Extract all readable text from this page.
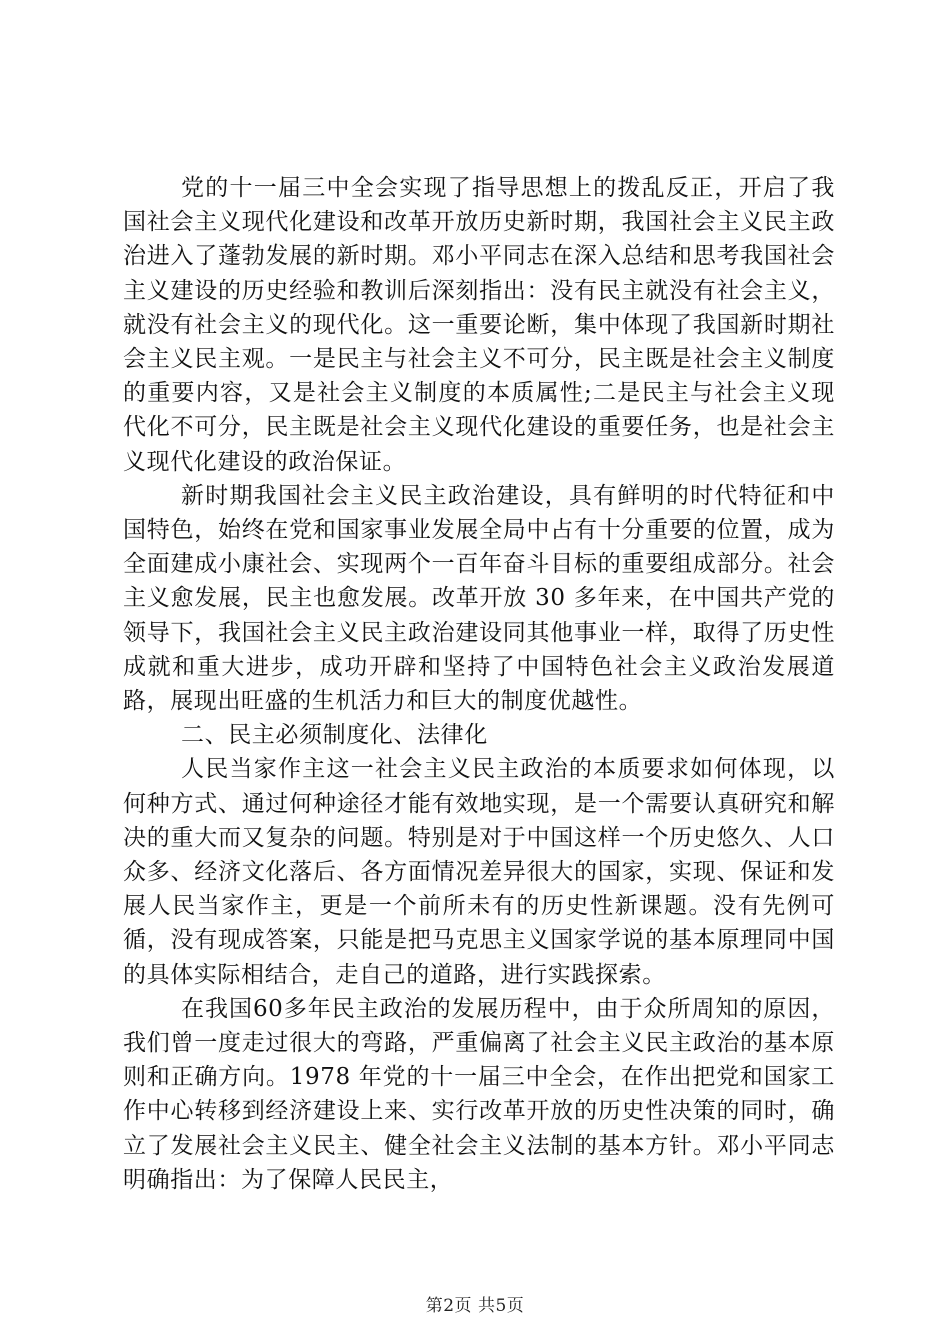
党的十一届三中全会实现了指导思想上的拨乱反正，开启了我国社会主义现代化建设和改革开放历史新时期，我国社会主义民主政治进入了蓬勃发展的新时期。邓小平同志在深入总结和思考我国社会主义建设的历史经验和教训后深刻指出：没有民主就没有社会主义，就没有社会主义的现代化。这一重要论断，集中体现了我国新时期社会主义民主观。一是民主与社会主义不可分，民主既是社会主义制度的重要内容，又是社会主义制度的本质属性;二是民主与社会主义现代化不可分，民主既是社会主义现代化建设的重要任务，也是社会主义现代化建设的政治保证。

新时期我国社会主义民主政治建设，具有鲜明的时代特征和中国特色，始终在党和国家事业发展全局中占有十分重要的位置，成为全面建成小康社会、实现两个一百年奋斗目标的重要组成部分。社会主义愈发展，民主也愈发展。改革开放 30 多年来，在中国共产党的领导下，我国社会主义民主政治建设同其他事业一样，取得了历史性成就和重大进步，成功开辟和坚持了中国特色社会主义政治发展道路，展现出旺盛的生机活力和巨大的制度优越性。

二、民主必须制度化、法律化

人民当家作主这一社会主义民主政治的本质要求如何体现，以何种方式、通过何种途径才能有效地实现，是一个需要认真研究和解决的重大而又复杂的问题。特别是对于中国这样一个历史悠久、人口众多、经济文化落后、各方面情况差异很大的国家，实现、保证和发展人民当家作主，更是一个前所未有的历史性新课题。没有先例可循，没有现成答案，只能是把马克思主义国家学说的基本原理同中国的具体实际相结合，走自己的道路，进行实践探索。

在我国60多年民主政治的发展历程中，由于众所周知的原因，我们曾一度走过很大的弯路，严重偏离了社会主义民主政治的基本原则和正确方向。1978 年党的十一届三中全会，在作出把党和国家工作中心转移到经济建设上来、实行改革开放的历史性决策的同时，确立了发展社会主义民主、健全社会主义法制的基本方针。邓小平同志明确指出：为了保障人民民主，

第2页 共5页
